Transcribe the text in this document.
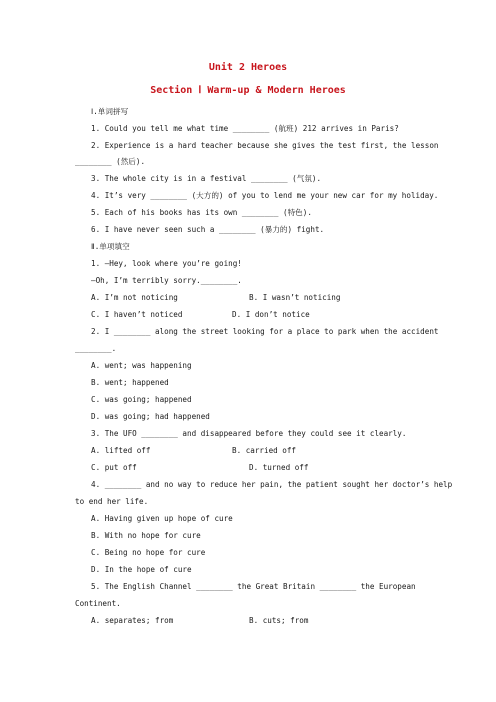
Unit 2 Heroes
Section Ⅰ Warm-up & Modern Heroes
Ⅰ.单词拼写
1. Could you tell me what time ________ (航班) 212 arrives in Paris?
2. Experience is a hard teacher because she gives the test first, the lesson
________ (然后).
3. The whole city is in a festival ________ (气氛).
4. It’s very ________ (大方的) of you to lend me your new car for my holiday.
5. Each of his books has its own ________ (特色).
6. I have never seen such a ________ (暴力的) fight.
Ⅱ.单项填空
1. —Hey, look where you’re going!
—Oh, I’m terribly sorry.________.
A. I’m not noticing	B. I wasn’t noticing
C. I haven’t noticed	D. I don’t notice
2. I ________ along the street looking for a place to park when the accident
________.
A. went; was happening
B. went; happened
C. was going; happened
D. was going; had happened
3. The UFO ________ and disappeared before they could see it clearly.
A. lifted off	B. carried off
C. put off	D. turned off
4. ________ and no way to reduce her pain, the patient sought her doctor’s help
to end her life.
A. Having given up hope of cure
B. With no hope for cure
C. Being no hope for cure
D. In the hope of cure
5. The English Channel ________ the Great Britain ________ the European
Continent.
A. separates; from	B. cuts; from
